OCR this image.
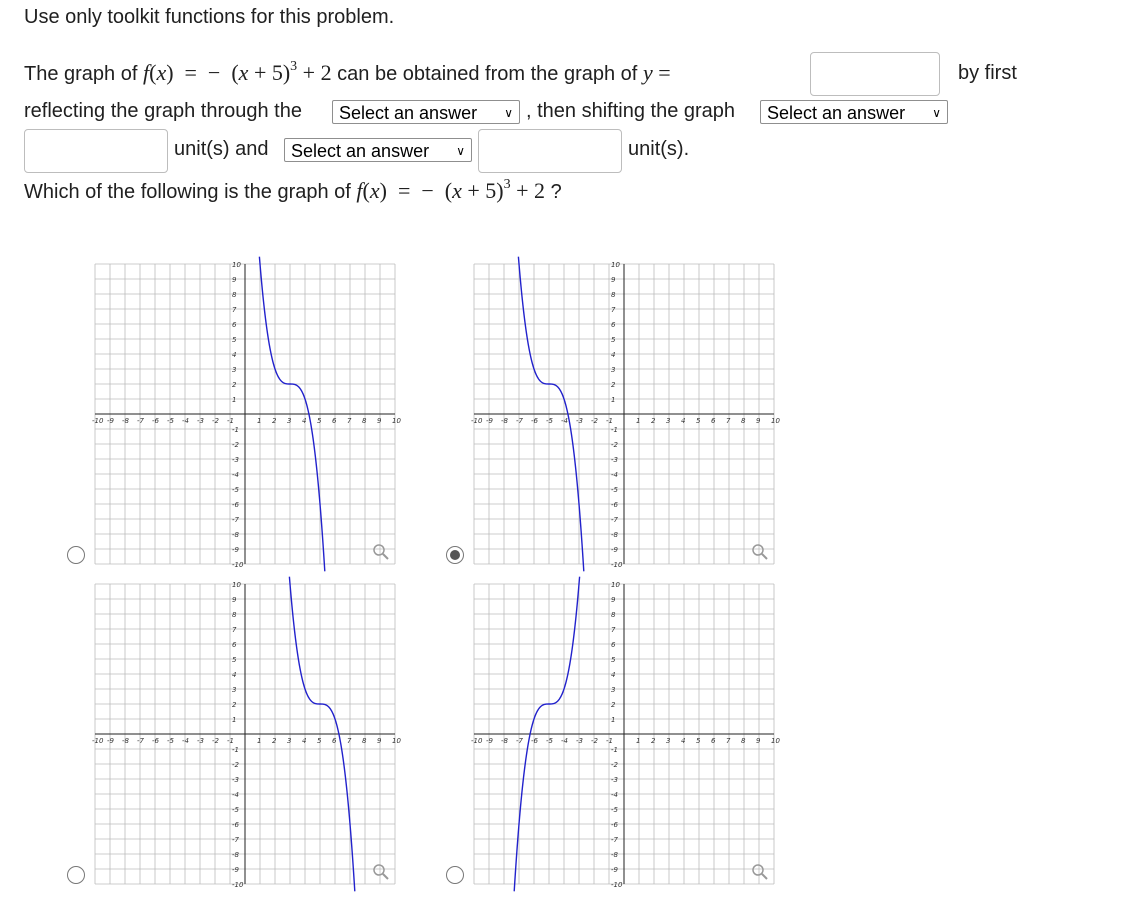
Use only toolkit functions for this problem.
The graph of f(x)  =  −  $(x + 5)^3 + 2$ can be obtained from the graph of y =	by first
reflecting the graph through the	Select an answer ∨ , then shifting the graph	Select an answer ∨
unit(s) and	Select an answer ∨	unit(s).
Which of the following is the graph of f(x)  =  −  $(x + 5)^3 + 2$ ?
-10
-10
-9
-9
-8
-8
-7
-7
-6
-6
-5
-5
-4
-4
-3
-3
-2
-2
-1
-1
1
1
2
2
3
3
4
4
5
5
6
6
7
7
8
8
9
9
10
10
-10
-10
-9
-9
-8
-8
-7
-7
-6
-6
-5
-5
-4
-4
-3
-3
-2
-2
-1
-1
1
1
2
2
3
3
4
4
5
5
6
6
7
7
8
8
9
9
10
10
-10
-10
-9
-9
-8
-8
-7
-7
-6
-6
-5
-5
-4
-4
-3
-3
-2
-2
-1
-1
1
1
2
2
3
3
4
4
5
5
6
6
7
7
8
8
9
9
10
10
-10
-10
-9
-9
-8
-8
-7
-7
-6
-6
-5
-5
-4
-4
-3
-3
-2
-2
-1
-1
1
1
2
2
3
3
4
4
5
5
6
6
7
7
8
8
9
9
10
10
